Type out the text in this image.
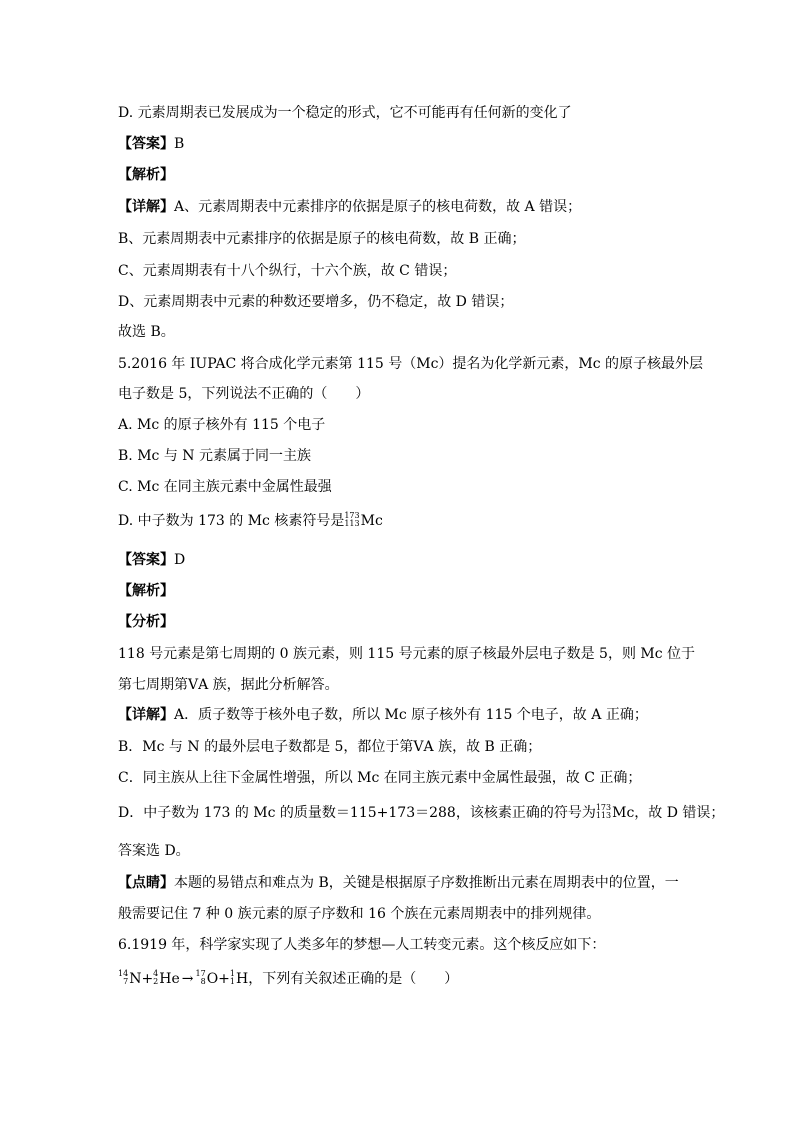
D. 元素周期表已发展成为一个稳定的形式，它不可能再有任何新的变化了
【答案】B
【解析】
【详解】A、元素周期表中元素排序的依据是原子的核电荷数，故 A 错误；
B、元素周期表中元素排序的依据是原子的核电荷数，故 B 正确；
C、元素周期表有十八个纵行，十六个族，故 C 错误；
D、元素周期表中元素的种数还要增多，仍不稳定，故 D 错误；
故选 B。
5.2016 年 IUPAC 将合成化学元素第 115 号（Mc）提名为化学新元素，Mc 的原子核最外层
电子数是 5，下列说法不正确的（　　）
A. Mc 的原子核外有 115 个电子
B. Mc 与 N 元素属于同一主族
C. Mc 在同主族元素中金属性最强
D. 中子数为 173 的 Mc 核素符号是 173
113 Mc
【答案】D
【解析】
【分析】
118 号元素是第七周期的 0 族元素，则 115 号元素的原子核最外层电子数是 5，则 Mc 位于
第七周期第ⅤA 族，据此分析解答。
【详解】A．质子数等于核外电子数，所以 Mc 原子核外有 115 个电子，故 A 正确；
B．Mc 与 N 的最外层电子数都是 5，都位于第ⅤA 族，故 B 正确；
C．同主族从上往下金属性增强，所以 Mc 在同主族元素中金属性最强，故 C 正确；
D．中子数为 173 的 Mc 的质量数＝115+173＝288，该核素正确的符号为 173
113 Mc，故 D 错误；
答案选 D。
【点睛】本题的易错点和难点为 B，关键是根据原子序数推断出元素在周期表中的位置，一
般需要记住 7 种 0 族元素的原子序数和 16 个族在元素周期表中的排列规律。
6.1919 年，科学家实现了人类多年的梦想—人工转变元素。这个核反应如下：
14
7 N+ 4
2 He → 17
8 O+ 1
1 H，下列有关叙述正确的是（　　）
